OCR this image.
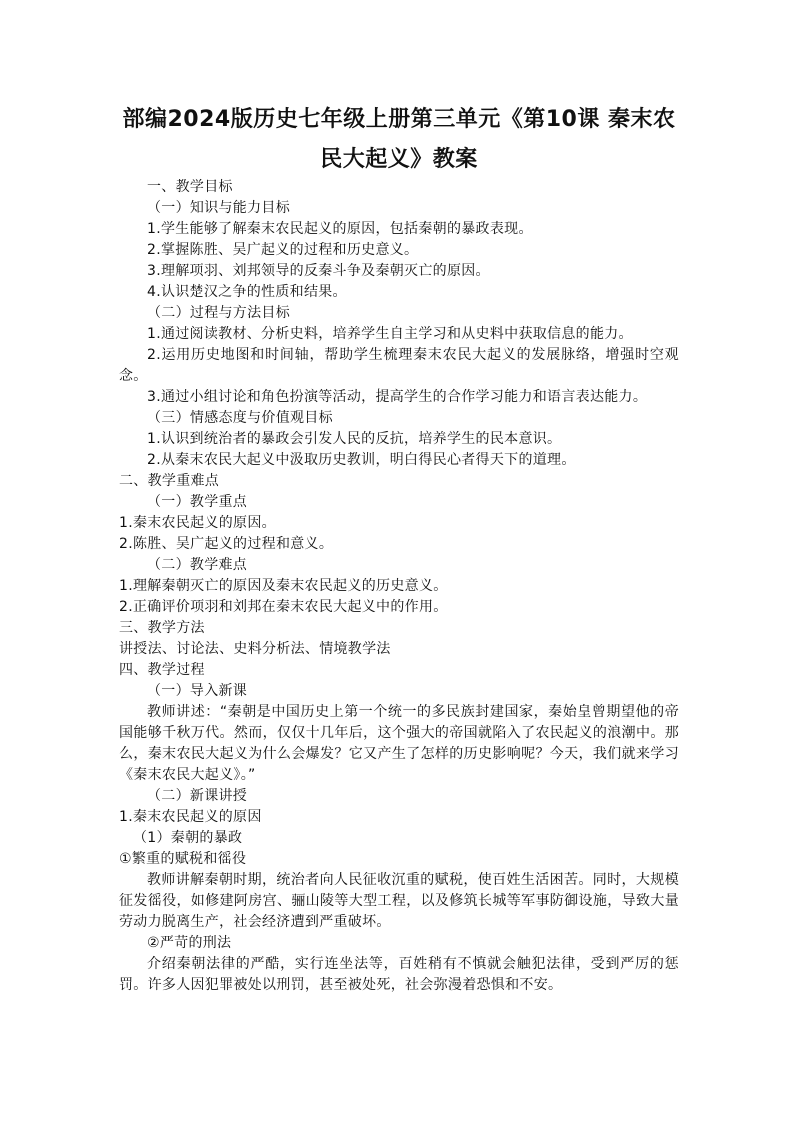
部编2024版历史七年级上册第三单元《第10课 秦末农民大起义》教案

一、教学目标

（一）知识与能力目标

1.学生能够了解秦末农民起义的原因，包括秦朝的暴政表现。

2.掌握陈胜、吴广起义的过程和历史意义。

3.理解项羽、刘邦领导的反秦斗争及秦朝灭亡的原因。

4.认识楚汉之争的性质和结果。

（二）过程与方法目标

1.通过阅读教材、分析史料，培养学生自主学习和从史料中获取信息的能力。

2.运用历史地图和时间轴，帮助学生梳理秦末农民大起义的发展脉络，增强时空观念。

3.通过小组讨论和角色扮演等活动，提高学生的合作学习能力和语言表达能力。

（三）情感态度与价值观目标

1.认识到统治者的暴政会引发人民的反抗，培养学生的民本意识。

2.从秦末农民大起义中汲取历史教训，明白得民心者得天下的道理。

二、教学重难点

（一）教学重点

1.秦末农民起义的原因。

2.陈胜、吴广起义的过程和意义。

（二）教学难点

1.理解秦朝灭亡的原因及秦末农民起义的历史意义。

2.正确评价项羽和刘邦在秦末农民大起义中的作用。

三、教学方法

讲授法、讨论法、史料分析法、情境教学法

四、教学过程

（一）导入新课

教师讲述：“秦朝是中国历史上第一个统一的多民族封建国家，秦始皇曾期望他的帝国能够千秋万代。然而，仅仅十几年后，这个强大的帝国就陷入了农民起义的浪潮中。那么，秦末农民大起义为什么会爆发？它又产生了怎样的历史影响呢？今天，我们就来学习《秦末农民大起义》。”

（二）新课讲授

1.秦末农民起义的原因

（1）秦朝的暴政

①繁重的赋税和徭役

教师讲解秦朝时期，统治者向人民征收沉重的赋税，使百姓生活困苦。同时，大规模征发徭役，如修建阿房宫、骊山陵等大型工程，以及修筑长城等军事防御设施，导致大量劳动力脱离生产，社会经济遭到严重破坏。

②严苛的刑法

介绍秦朝法律的严酷，实行连坐法等，百姓稍有不慎就会触犯法律，受到严厉的惩罚。许多人因犯罪被处以刑罚，甚至被处死，社会弥漫着恐惧和不安。
